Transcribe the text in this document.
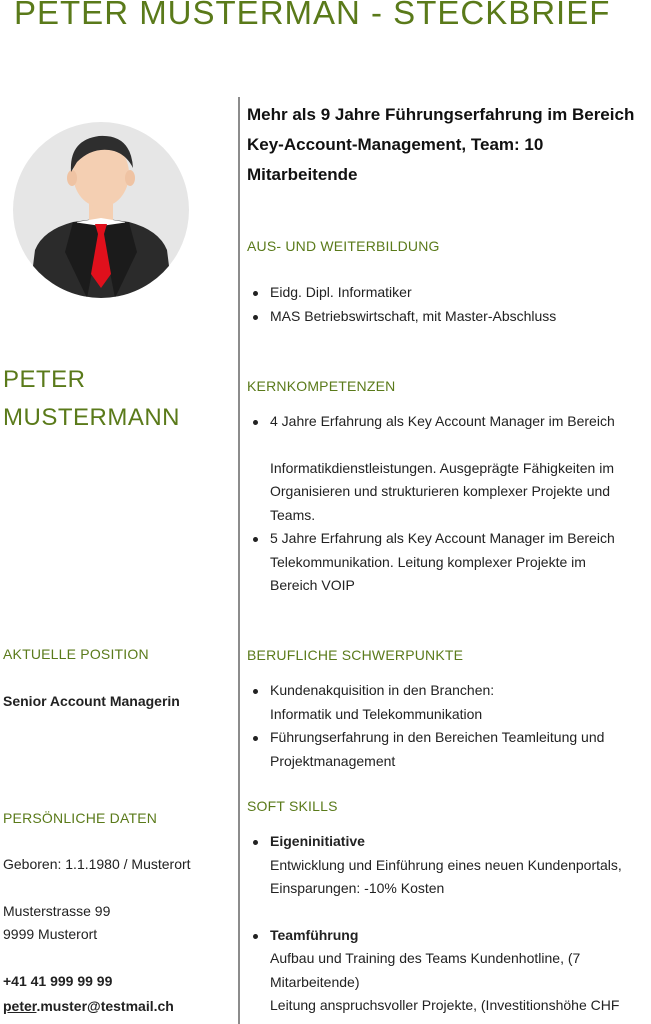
PETER MUSTERMAN - STECKBRIEF
PETER
MUSTERMANN
AKTUELLE POSITION
Senior Account Managerin
PERSÖNLICHE DATEN
Geboren: 1.1.1980 / Musterort
Musterstrasse 99
9999 Musterort
+41 41 999 99 99
peter.muster@testmail.ch
Mehr als 9 Jahre Führungserfahrung im Bereich Key-Account-Management, Team: 10 Mitarbeitende
AUS- UND WEITERBILDUNG
Eidg. Dipl. Informatiker
MAS Betriebswirtschaft, mit Master-Abschluss
KERNKOMPETENZEN
4 Jahre Erfahrung als Key Account Manager im Bereich

Informatikdienstleistungen. Ausgeprägte Fähigkeiten im
Organisieren und strukturieren komplexer Projekte und
Teams.
5 Jahre Erfahrung als Key Account Manager im Bereich
Telekommunikation. Leitung komplexer Projekte im
Bereich VOIP
BERUFLICHE SCHWERPUNKTE
Kundenakquisition in den Branchen:
Informatik und Telekommunikation
Führungserfahrung in den Bereichen Teamleitung und
Projektmanagement
SOFT SKILLS
Eigeninitiative
Entwicklung und Einführung eines neuen Kundenportals,
Einsparungen: -10% Kosten

Teamführung
Aufbau und Training des Teams Kundenhotline, (7
Mitarbeitende)
Leitung anspruchsvoller Projekte, (Investitionshöhe CHF
